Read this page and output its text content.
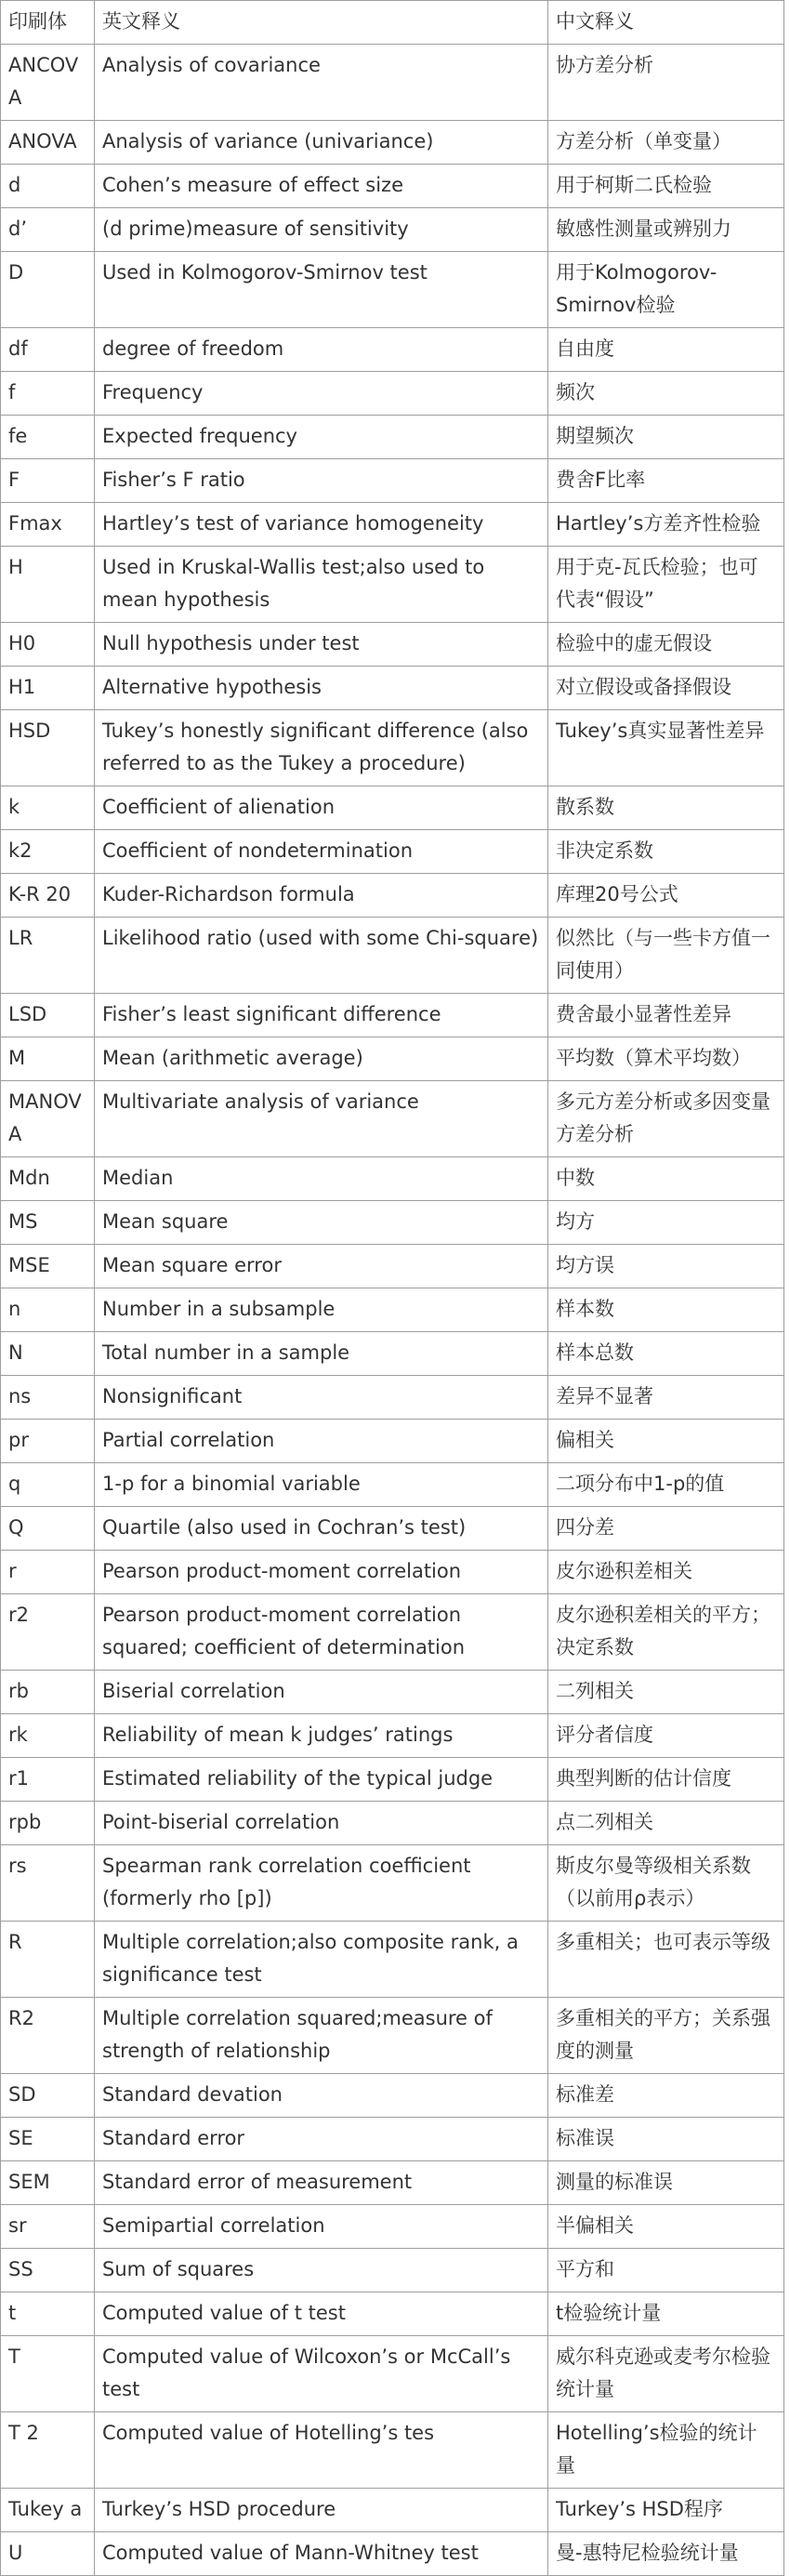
印刷体	英文释义	中文释义
ANCOVA	Analysis of covariance	协方差分析
ANOVA	Analysis of variance (univariance)	方差分析（单变量）
d	Cohen’s measure of effect size	用于柯斯二氏检验
d’	(d prime)measure of sensitivity	敏感性测量或辨别力
D	Used in Kolmogorov-Smirnov test	用于Kolmogorov-Smirnov检验
df	degree of freedom	自由度
f	Frequency	频次
fe	Expected frequency	期望频次
F	Fisher’s F ratio	费舍F比率
Fmax	Hartley’s test of variance homogeneity	Hartley’s方差齐性检验
H	Used in Kruskal-Wallis test;also used to mean hypothesis	用于克-瓦氏检验；也可代表“假设”
H0	Null hypothesis under test	检验中的虚无假设
H1	Alternative hypothesis	对立假设或备择假设
HSD	Tukey’s honestly significant difference (also referred to as the Tukey a procedure)	Tukey’s真实显著性差异
k	Coefficient of alienation	散系数
k2	Coefficient of nondetermination	非决定系数
K-R 20	Kuder-Richardson formula	库理20号公式
LR	Likelihood ratio (used with some Chi-square)	似然比（与一些卡方值一同使用）
LSD	Fisher’s least significant difference	费舍最小显著性差异
M	Mean (arithmetic average)	平均数（算术平均数）
MANOVA	Multivariate analysis of variance	多元方差分析或多因变量方差分析
Mdn	Median	中数
MS	Mean square	均方
MSE	Mean square error	均方误
n	Number in a subsample	样本数
N	Total number in a sample	样本总数
ns	Nonsignificant	差异不显著
pr	Partial correlation	偏相关
q	1-p for a binomial variable	二项分布中1-p的值
Q	Quartile (also used in Cochran’s test)	四分差
r	Pearson product-moment correlation	皮尔逊积差相关
r2	Pearson product-moment correlation squared; coefficient of determination	皮尔逊积差相关的平方；决定系数
rb	Biserial correlation	二列相关
rk	Reliability of mean k judges’ ratings	评分者信度
r1	Estimated reliability of the typical judge	典型判断的估计信度
rpb	Point-biserial correlation	点二列相关
rs	Spearman rank correlation coefficient (formerly rho [p])	斯皮尔曼等级相关系数（以前用ρ表示）
R	Multiple correlation;also composite rank, a significance test	多重相关；也可表示等级
R2	Multiple correlation squared;measure of strength of relationship	多重相关的平方；关系强度的测量
SD	Standard devation	标准差
SE	Standard error	标准误
SEM	Standard error of measurement	测量的标准误
sr	Semipartial correlation	半偏相关
SS	Sum of squares	平方和
t	Computed value of t test	t检验统计量
T	Computed value of Wilcoxon’s or McCall’s test	威尔科克逊或麦考尔检验统计量
T 2	Computed value of Hotelling’s tes	Hotelling’s检验的统计量
Tukey a	Turkey’s HSD procedure	Turkey’s HSD程序
U	Computed value of Mann-Whitney test	曼-惠特尼检验统计量
